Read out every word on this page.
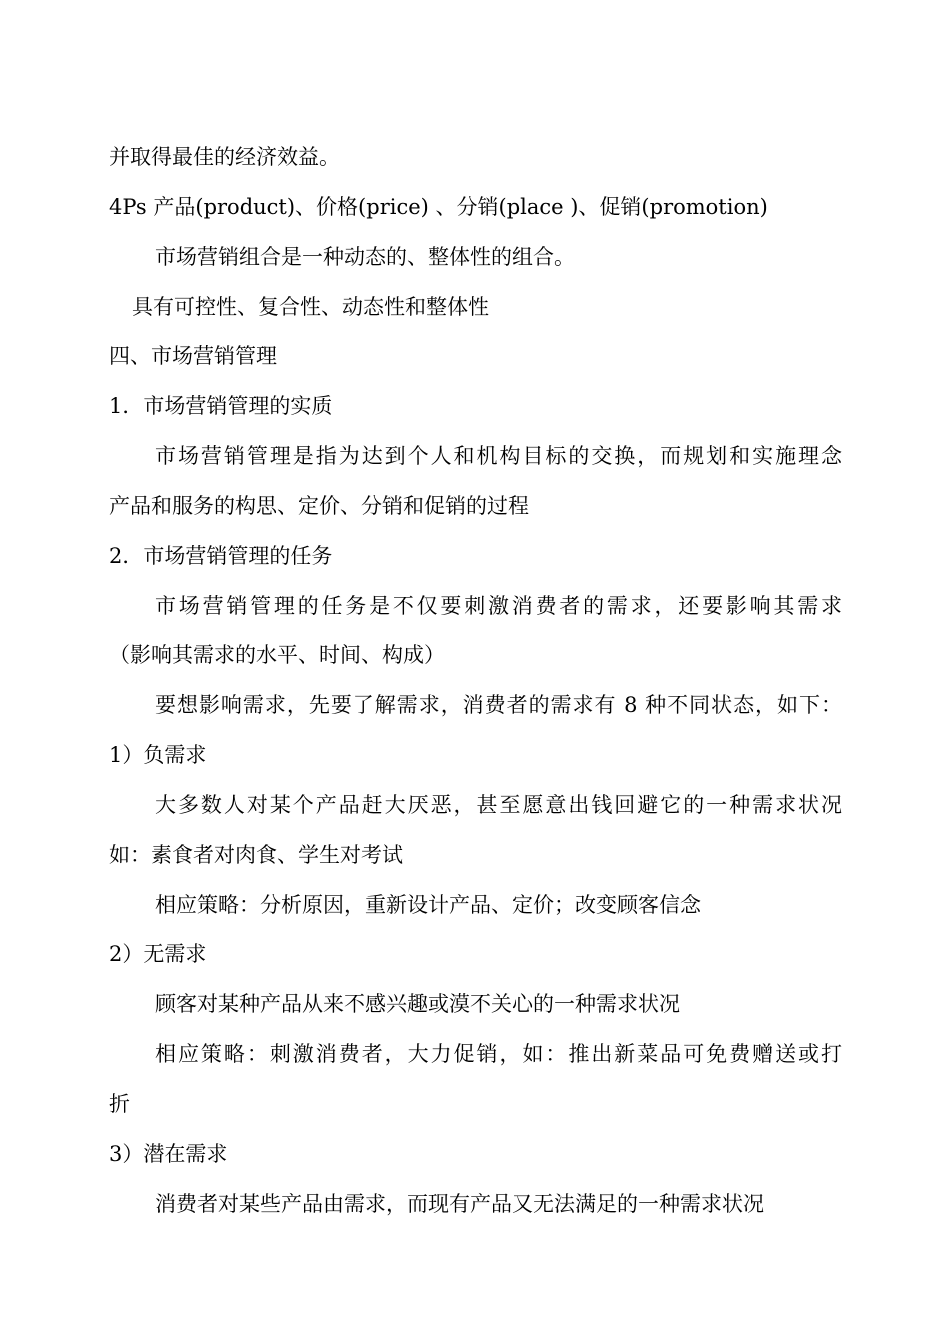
并取得最佳的经济效益。
4Ps 产品(product)、价格(price) 、分销(place )、促销(promotion)
市场营销组合是一种动态的、整体性的组合。
具有可控性、复合性、动态性和整体性
四、市场营销管理
1．市场营销管理的实质
市场营销管理是指为达到个人和机构目标的交换，而规划和实施理念
产品和服务的构思、定价、分销和促销的过程
2．市场营销管理的任务
市场营销管理的任务是不仅要刺激消费者的需求，还要影响其需求
（影响其需求的水平、时间、构成）
要想影响需求，先要了解需求，消费者的需求有 8 种不同状态，如下：
1）负需求
大多数人对某个产品赶大厌恶，甚至愿意出钱回避它的一种需求状况
如：素食者对肉食、学生对考试
相应策略：分析原因，重新设计产品、定价；改变顾客信念
2）无需求
顾客对某种产品从来不感兴趣或漠不关心的一种需求状况
相应策略：刺激消费者，大力促销，如：推出新菜品可免费赠送或打
折
3）潜在需求
消费者对某些产品由需求，而现有产品又无法满足的一种需求状况
